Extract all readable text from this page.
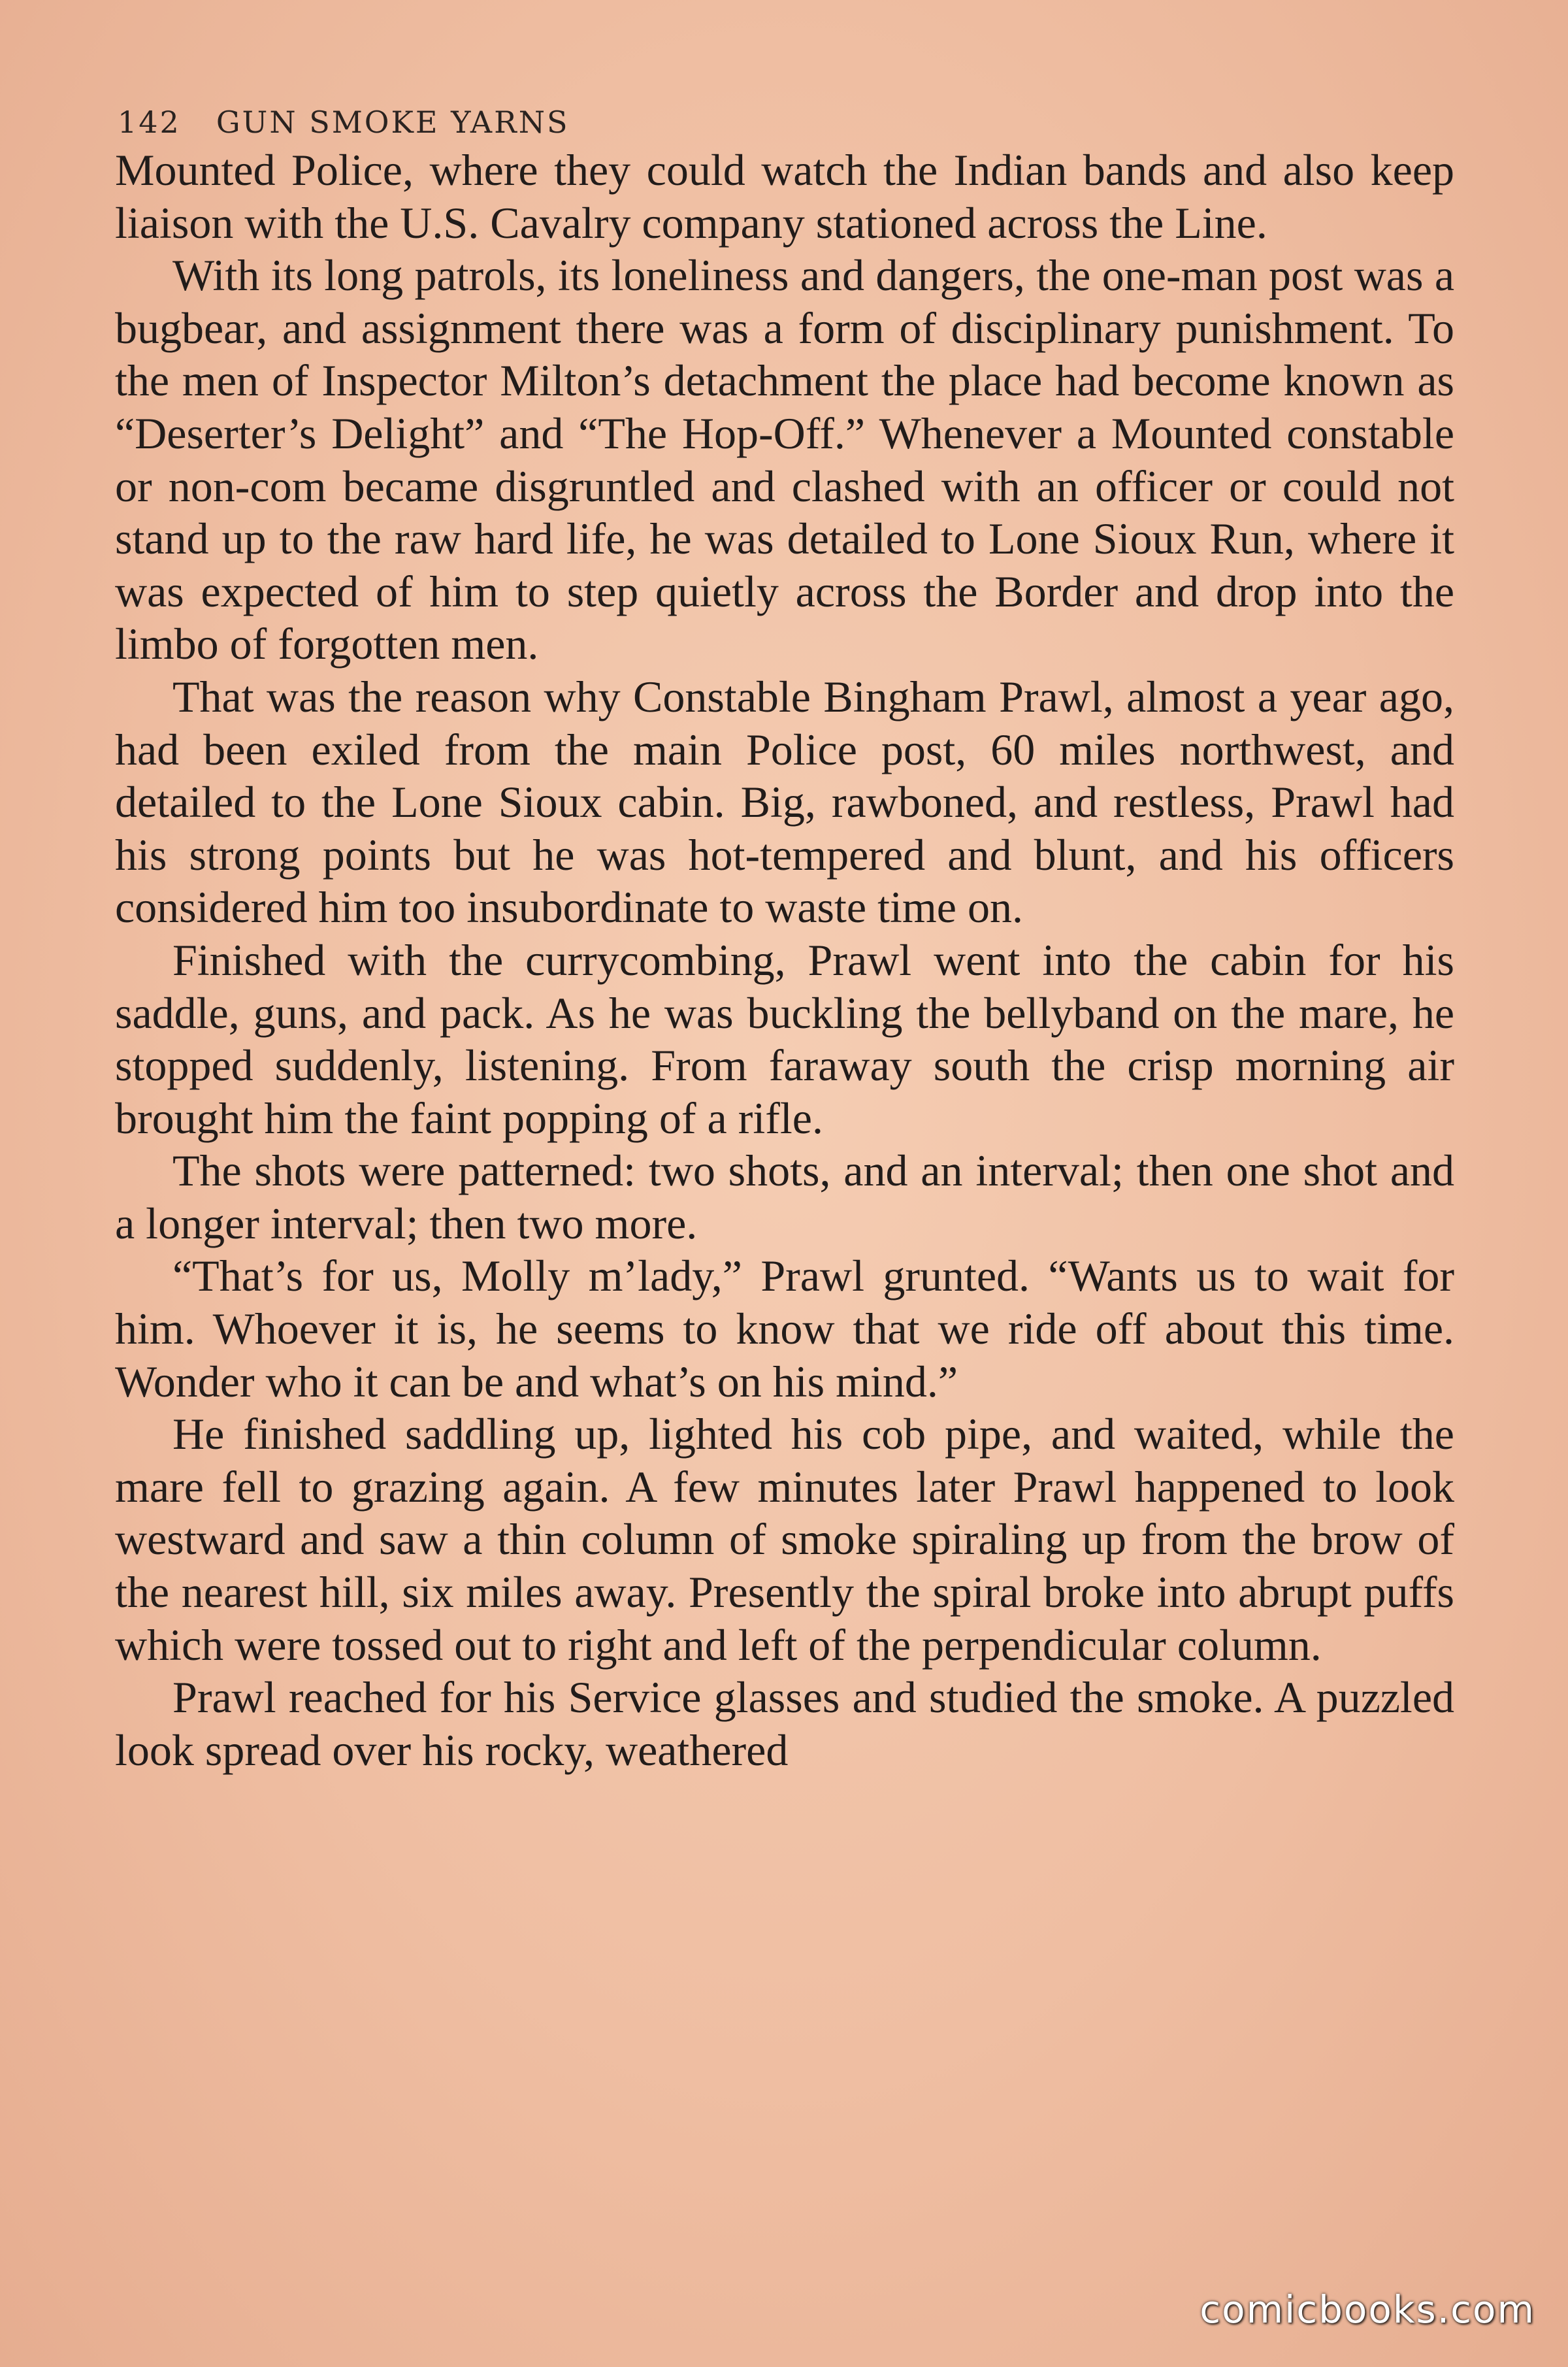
142 GUN SMOKE YARNS

Mounted Police, where they could watch the Indian bands and also keep liaison with the U.S. Cavalry company stationed across the Line.

With its long patrols, its loneliness and dangers, the one-man post was a bugbear, and assignment there was a form of disciplinary punishment. To the men of Inspector Milton’s detachment the place had become known as “Deserter’s Delight” and “The Hop-Off.” Whenever a Mounted constable or non-com became disgruntled and clashed with an officer or could not stand up to the raw hard life, he was detailed to Lone Sioux Run, where it was expected of him to step quietly across the Border and drop into the limbo of forgotten men.

That was the reason why Constable Bingham Prawl, almost a year ago, had been exiled from the main Police post, 60 miles northwest, and detailed to the Lone Sioux cabin. Big, rawboned, and restless, Prawl had his strong points but he was hot-tempered and blunt, and his officers considered him too insubordinate to waste time on.

Finished with the currycombing, Prawl went into the cabin for his saddle, guns, and pack. As he was buckling the bellyband on the mare, he stopped suddenly, listening. From faraway south the crisp morning air brought him the faint popping of a rifle.

The shots were patterned: two shots, and an interval; then one shot and a longer interval; then two more.

“That’s for us, Molly m’lady,” Prawl grunted. “Wants us to wait for him. Whoever it is, he seems to know that we ride off about this time. Wonder who it can be and what’s on his mind.”

He finished saddling up, lighted his cob pipe, and waited, while the mare fell to grazing again. A few minutes later Prawl happened to look westward and saw a thin column of smoke spiraling up from the brow of the nearest hill, six miles away. Presently the spiral broke into abrupt puffs which were tossed out to right and left of the perpendicular column.

Prawl reached for his Service glasses and studied the smoke. A puzzled look spread over his rocky, weathered

comicbooks.com
